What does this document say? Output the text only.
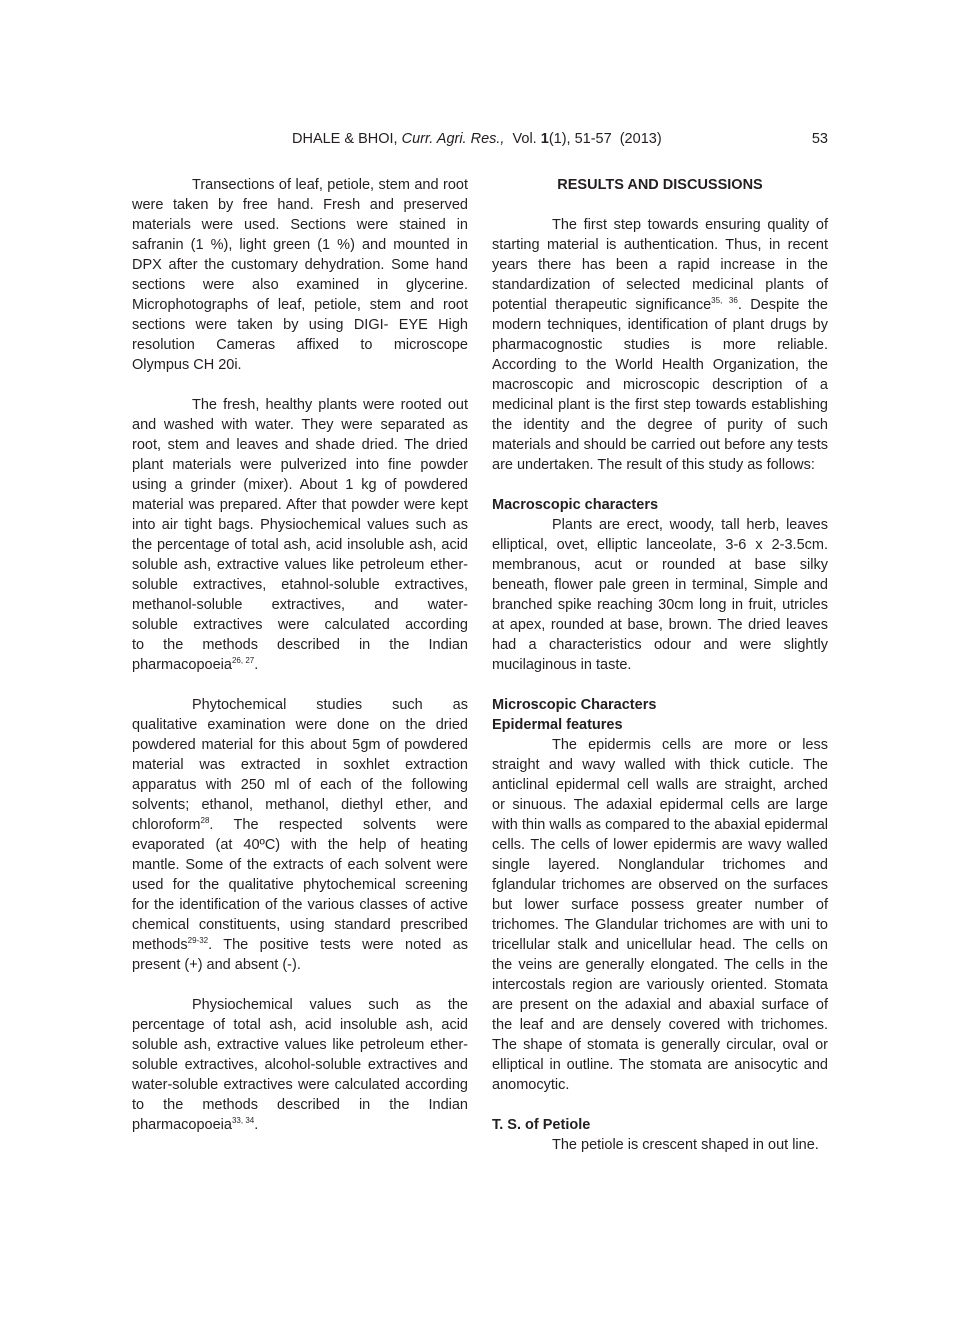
DHALE & BHOI, Curr. Agri. Res.,  Vol. 1(1), 51-57  (2013)	53
Transections of leaf, petiole, stem and root
were taken by free hand. Fresh and preserved
materials were used. Sections were stained in
safranin (1 %), light green (1 %) and mounted in
DPX after the customary dehydration. Some hand
sections were also examined in glycerine.
Microphotographs of leaf, petiole, stem and root
sections were taken by using DIGI- EYE High
resolution Cameras affixed to microscope
Olympus CH 20i.
The fresh, healthy plants were rooted out
and washed with water. They were separated as
root, stem and leaves and shade dried. The dried
plant materials were pulverized into fine powder
using a grinder (mixer). About 1 kg of powdered
material was prepared. After that powder were kept
into air tight bags. Physiochemical values such as
the percentage of total ash, acid insoluble ash, acid
soluble ash, extractive values like petroleum ether-
soluble extractives, etahnol-soluble extractives,
methanol-soluble extractives, and water-
soluble extractives were calculated according
to the methods described in the Indian
pharmacopoeia$^{26, 27}$.
Phytochemical studies such as
qualitative examination were done on the dried
powdered material for this about 5gm of powdered
material was extracted in soxhlet extraction
apparatus with 250 ml of each of the following
solvents; ethanol, methanol, diethyl ether, and
chloroform$^{28}$. The respected solvents were
evaporated (at 40ºC) with the help of heating
mantle. Some of the extracts of each solvent were
used for the qualitative phytochemical screening
for the identification of the various classes of active
chemical constituents, using standard prescribed
methods$^{29-32}$. The positive tests were noted as
present (+) and absent (-).
Physiochemical values such as the
percentage of total ash, acid insoluble ash, acid
soluble ash, extractive values like petroleum ether-
soluble extractives, alcohol-soluble extractives and
water-soluble extractives were calculated according
to the methods described in the Indian
pharmacopoeia$^{33, 34}$.
RESULTS AND DISCUSSIONS
The first step towards ensuring quality of
starting material is authentication. Thus, in recent
years there has been a rapid increase in the
standardization of selected medicinal plants of
potential therapeutic significance$^{35, 36}$. Despite the
modern techniques, identification of plant drugs by
pharmacognostic studies is more reliable.
According to the World Health Organization, the
macroscopic and microscopic description of a
medicinal plant is the first step towards establishing
the identity and the degree of purity of such
materials and should be carried out before any tests
are undertaken. The result of this study as follows:
Macroscopic characters
Plants are erect, woody, tall herb, leaves
elliptical, ovet, elliptic lanceolate, 3-6 x 2-3.5cm.
membranous, acut or rounded at base silky
beneath, flower pale green in terminal, Simple and
branched spike reaching 30cm long in fruit, utricles
at apex, rounded at base, brown. The dried leaves
had a characteristics odour and were slightly
mucilaginous in taste.
Microscopic Characters
Epidermal features
The epidermis cells are more or less
straight and wavy walled with thick cuticle. The
anticlinal epidermal cell walls are straight, arched
or sinuous. The adaxial epidermal cells are large
with thin walls as compared to the abaxial epidermal
cells. The cells of lower epidermis are wavy walled
single layered. Nonglandular trichomes and
fglandular trichomes are observed on the surfaces
but lower surface possess greater number of
trichomes. The Glandular trichomes are with uni to
tricellular stalk and unicellular head. The cells on
the veins are generally elongated. The cells in the
intercostals region are variously oriented. Stomata
are present on the adaxial and abaxial surface of
the leaf and are densely covered with trichomes.
The shape of stomata is generally circular, oval or
elliptical in outline. The stomata are anisocytic and
anomocytic.
T. S. of Petiole
The petiole is crescent shaped in out line.
